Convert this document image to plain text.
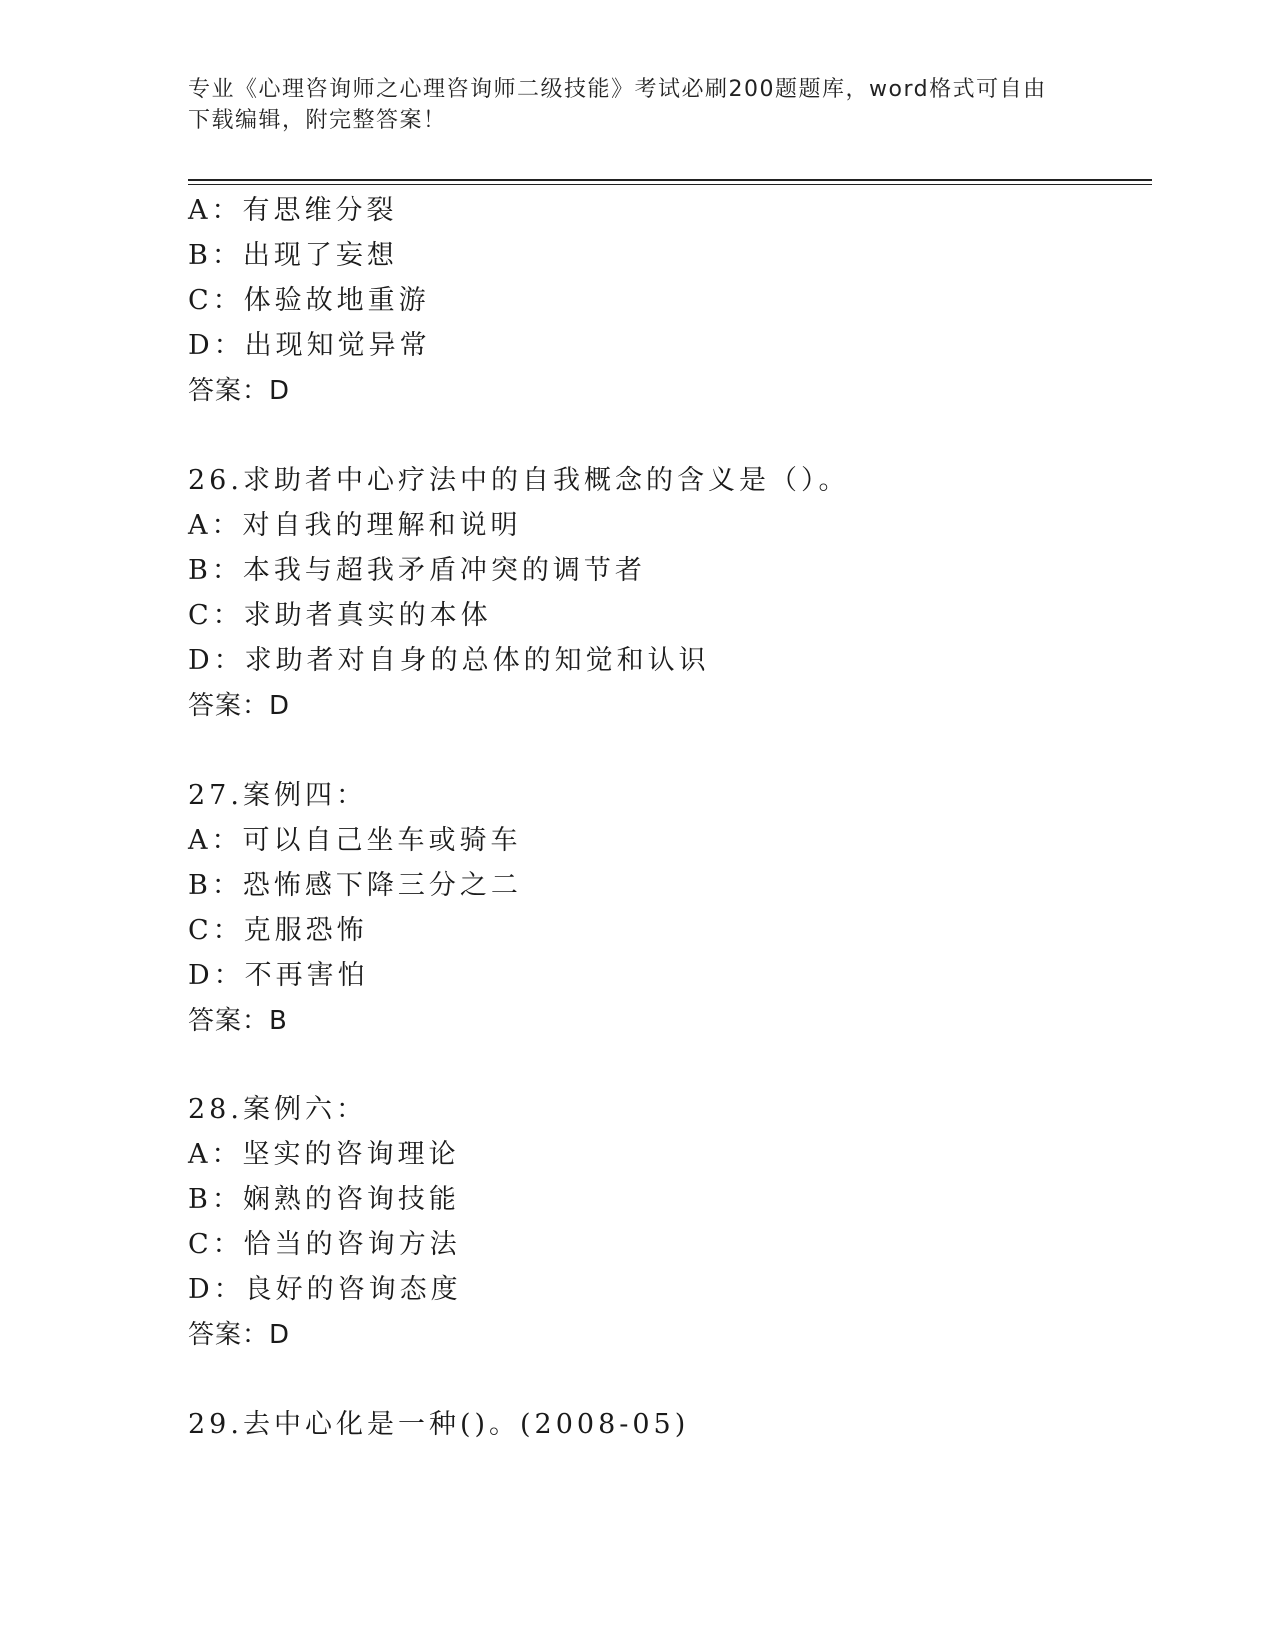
专业《心理咨询师之心理咨询师二级技能》考试必刷200题题库，word格式可自由下载编辑，附完整答案！
A：有思维分裂
B：出现了妄想
C：体验故地重游
D：出现知觉异常
答案：D
26.求助者中心疗法中的自我概念的含义是（）。
A：对自我的理解和说明
B：本我与超我矛盾冲突的调节者
C：求助者真实的本体
D：求助者对自身的总体的知觉和认识
答案：D
27.案例四：
A：可以自己坐车或骑车
B：恐怖感下降三分之二
C：克服恐怖
D：不再害怕
答案：B
28.案例六：
A：坚实的咨询理论
B：娴熟的咨询技能
C：恰当的咨询方法
D：良好的咨询态度
答案：D
29.去中心化是一种()。(2008-05)
